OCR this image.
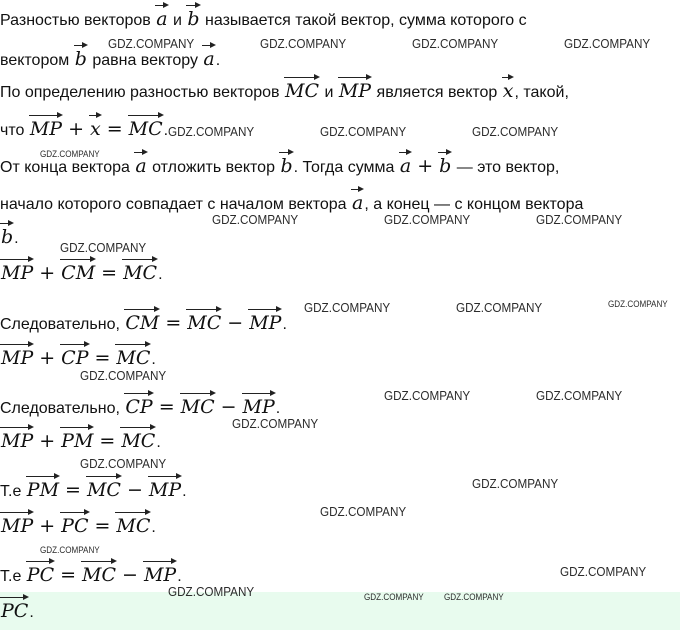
Разностью векторов a и b называется такой вектор, сумма которого с
вектором b равна вектору a.
По определению разностью векторов MC и MP является вектор x, такой,
что MP + x = MC.
От конца вектора a отложить вектор b. Тогда сумма a + b — это вектор,
начало которого совпадает с началом вектора a, а конец — с концом вектора
b.
MP + CM = MC.
Следовательно, CM = MC − MP.
MP + CP = MC.
Следовательно, CP = MC − MP.
MP + PM = MC.
Т.е PM = MC − MP.
MP + PC = MC.
Т.е PC = MC − MP.
PC.
GDZ.COMPANY	GDZ.COMPANY	GDZ.COMPANY	GDZ.COMPANY
GDZ.COMPANY	GDZ.COMPANY	GDZ.COMPANY
GDZ.COMPANY
GDZ.COMPANY	GDZ.COMPANY	GDZ.COMPANY
GDZ.COMPANY
GDZ.COMPANY	GDZ.COMPANY	GDZ.COMPANY
GDZ.COMPANY
GDZ.COMPANY	GDZ.COMPANY
GDZ.COMPANY
GDZ.COMPANY
GDZ.COMPANY
GDZ.COMPANY
GDZ.COMPANY
GDZ.COMPANY
GDZ.COMPANY	GDZ.COMPANY GDZ.COMPANY
